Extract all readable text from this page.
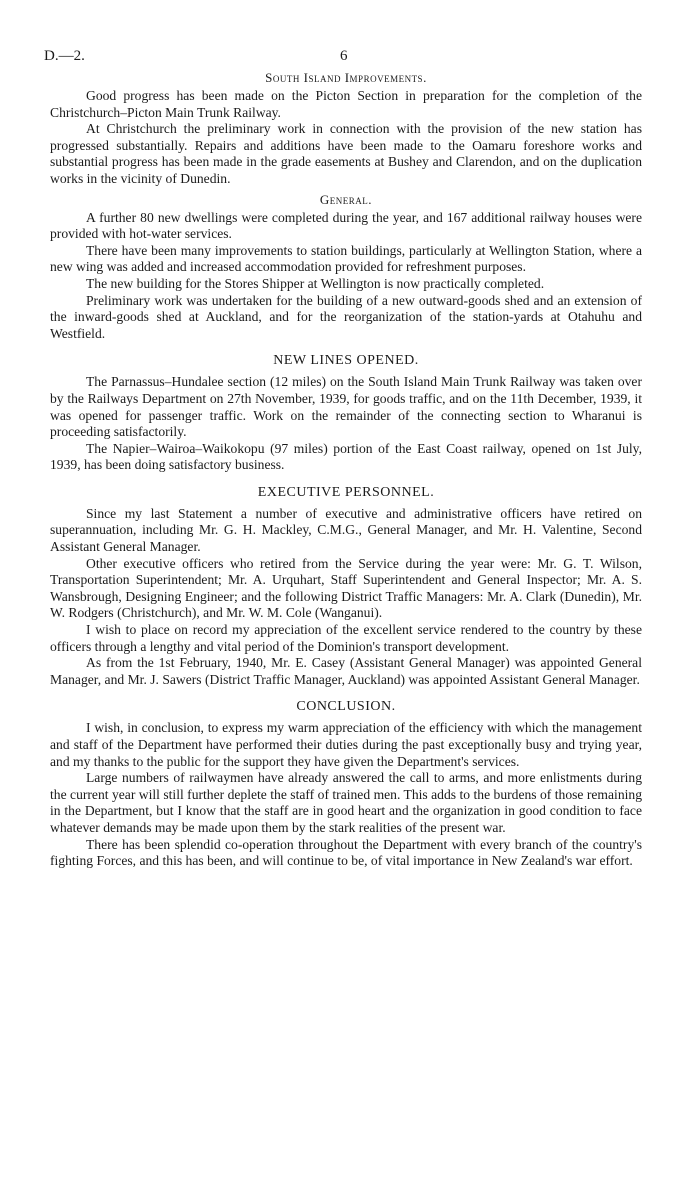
D.—2.	6
South Island Improvements.

Good progress has been made on the Picton Section in preparation for the completion of the Christchurch–Picton Main Trunk Railway.

At Christchurch the preliminary work in connection with the provision of the new station has progressed substantially. Repairs and additions have been made to the Oamaru foreshore works and substantial progress has been made in the grade easements at Bushey and Clarendon, and on the duplication works in the vicinity of Dunedin.

General.

A further 80 new dwellings were completed during the year, and 167 additional railway houses were provided with hot-water services.

There have been many improvements to station buildings, particularly at Wellington Station, where a new wing was added and increased accommodation provided for refreshment purposes.

The new building for the Stores Shipper at Wellington is now practically completed.

Preliminary work was undertaken for the building of a new outward-goods shed and an extension of the inward-goods shed at Auckland, and for the reorganization of the station-yards at Otahuhu and Westfield.

NEW LINES OPENED.

The Parnassus–Hundalee section (12 miles) on the South Island Main Trunk Railway was taken over by the Railways Department on 27th November, 1939, for goods traffic, and on the 11th December, 1939, it was opened for passenger traffic. Work on the remainder of the connecting section to Wharanui is proceeding satisfactorily.

The Napier–Wairoa–Waikokopu (97 miles) portion of the East Coast railway, opened on 1st July, 1939, has been doing satisfactory business.

EXECUTIVE PERSONNEL.

Since my last Statement a number of executive and administrative officers have retired on superannuation, including Mr. G. H. Mackley, C.M.G., General Manager, and Mr. H. Valentine, Second Assistant General Manager.

Other executive officers who retired from the Service during the year were: Mr. G. T. Wilson, Transportation Superintendent; Mr. A. Urquhart, Staff Superintendent and General Inspector; Mr. A. S. Wansbrough, Designing Engineer; and the following District Traffic Managers: Mr. A. Clark (Dunedin), Mr. W. Rodgers (Christchurch), and Mr. W. M. Cole (Wanganui).

I wish to place on record my appreciation of the excellent service rendered to the country by these officers through a lengthy and vital period of the Dominion's transport development.

As from the 1st February, 1940, Mr. E. Casey (Assistant General Manager) was appointed General Manager, and Mr. J. Sawers (District Traffic Manager, Auckland) was appointed Assistant General Manager.

CONCLUSION.

I wish, in conclusion, to express my warm appreciation of the efficiency with which the management and staff of the Department have performed their duties during the past exceptionally busy and trying year, and my thanks to the public for the support they have given the Department's services.

Large numbers of railwaymen have already answered the call to arms, and more enlistments during the current year will still further deplete the staff of trained men. This adds to the burdens of those remaining in the Department, but I know that the staff are in good heart and the organization in good condition to face whatever demands may be made upon them by the stark realities of the present war.

There has been splendid co-operation throughout the Department with every branch of the country's fighting Forces, and this has been, and will continue to be, of vital importance in New Zealand's war effort.
